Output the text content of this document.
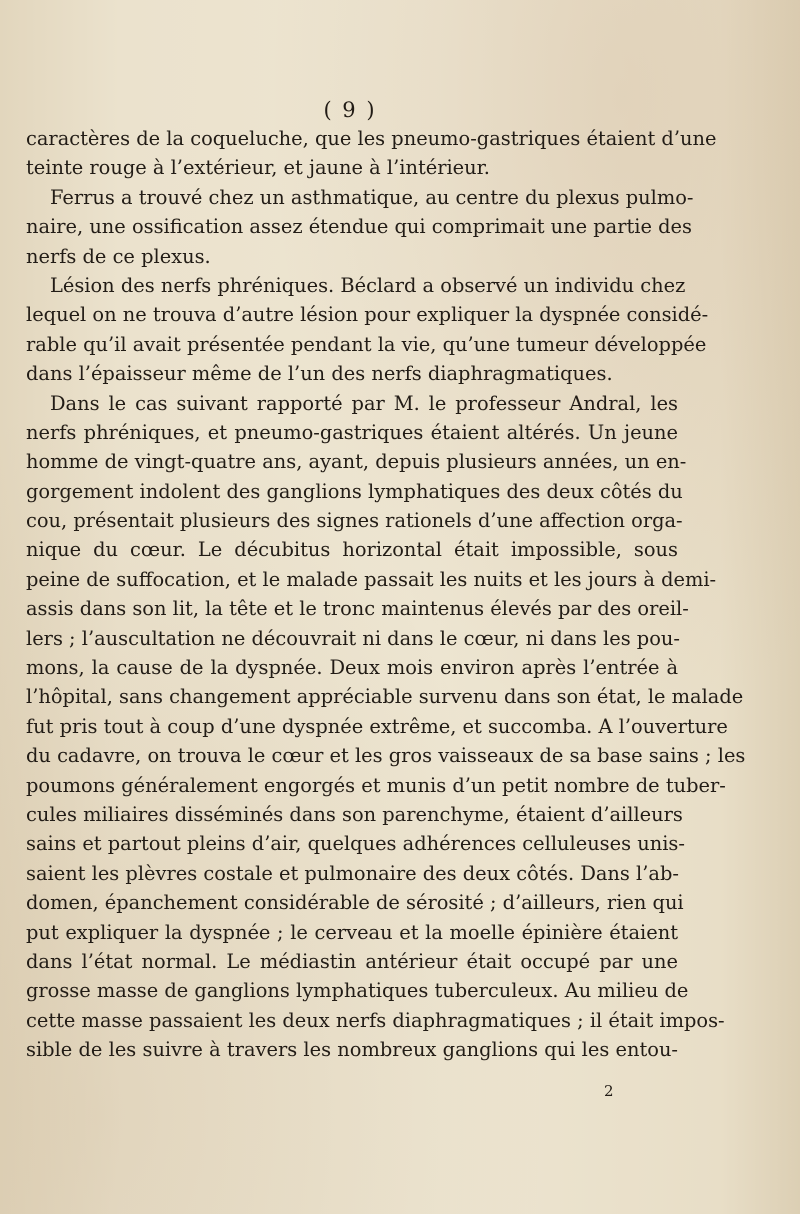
( 9 )
caractères de la coqueluche, que les pneumo-gastriques étaient d’une
teinte rouge à l’extérieur, et jaune à l’intérieur.
Ferrus a trouvé chez un asthmatique, au centre du plexus pulmo-
naire, une ossification assez étendue qui comprimait une partie des
nerfs de ce plexus.
Lésion des nerfs phréniques. Béclard a observé un individu chez
lequel on ne trouva d’autre lésion pour expliquer la dyspnée considé-
rable qu’il avait présentée pendant la vie, qu’une tumeur développée
dans l’épaisseur même de l’un des nerfs diaphragmatiques.
Dans le cas suivant rapporté par M. le professeur Andral, les
nerfs phréniques, et pneumo-gastriques étaient altérés. Un jeune
homme de vingt-quatre ans, ayant, depuis plusieurs années, un en-
gorgement indolent des ganglions lymphatiques des deux côtés du
cou, présentait plusieurs des signes rationels d’une affection orga-
nique du cœur. Le décubitus horizontal était impossible, sous
peine de suffocation, et le malade passait les nuits et les jours à demi-
assis dans son lit, la tête et le tronc maintenus élevés par des oreil-
lers ; l’auscultation ne découvrait ni dans le cœur, ni dans les pou-
mons, la cause de la dyspnée. Deux mois environ après l’entrée à
l’hôpital, sans changement appréciable survenu dans son état, le malade
fut pris tout à coup d’une dyspnée extrême, et succomba. A l’ouverture
du cadavre, on trouva le cœur et les gros vaisseaux de sa base sains ; les
poumons généralement engorgés et munis d’un petit nombre de tuber-
cules miliaires disséminés dans son parenchyme, étaient d’ailleurs
sains et partout pleins d’air, quelques adhérences celluleuses unis-
saient les plèvres costale et pulmonaire des deux côtés. Dans l’ab-
domen, épanchement considérable de sérosité ; d’ailleurs, rien qui
put expliquer la dyspnée ; le cerveau et la moelle épinière étaient
dans l’état normal. Le médiastin antérieur était occupé par une
grosse masse de ganglions lymphatiques tuberculeux. Au milieu de
cette masse passaient les deux nerfs diaphragmatiques ; il était impos-
sible de les suivre à travers les nombreux ganglions qui les entou-
2
